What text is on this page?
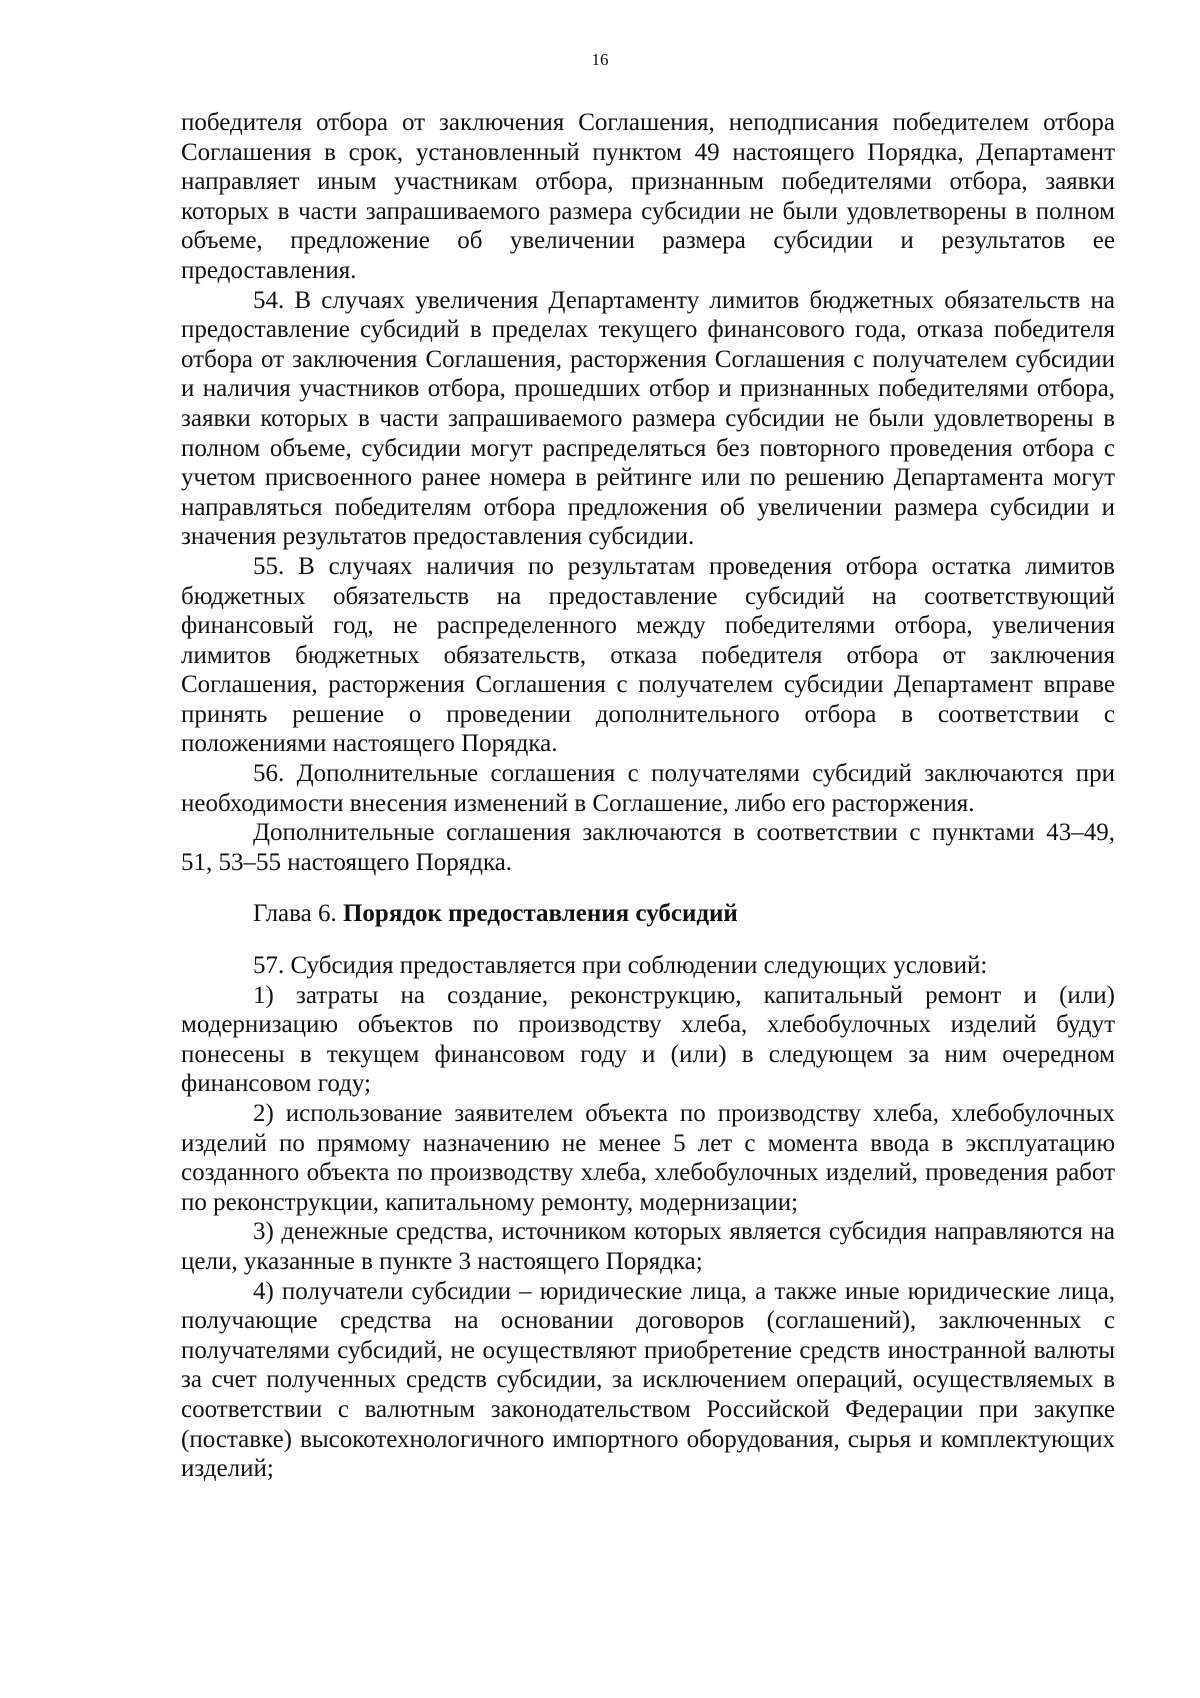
16

победителя отбора от заключения Соглашения, неподписания победителем отбора Соглашения в срок, установленный пунктом 49 настоящего Порядка, Департамент направляет иным участникам отбора, признанным победителями отбора, заявки которых в части запрашиваемого размера субсидии не были удовлетворены в полном объеме, предложение об увеличении размера субсидии и результатов ее предоставления.

54. В случаях увеличения Департаменту лимитов бюджетных обязательств на предоставление субсидий в пределах текущего финансового года, отказа победителя отбора от заключения Соглашения, расторжения Соглашения с получателем субсидии и наличия участников отбора, прошедших отбор и признанных победителями отбора, заявки которых в части запрашиваемого размера субсидии не были удовлетворены в полном объеме, субсидии могут распределяться без повторного проведения отбора с учетом присвоенного ранее номера в рейтинге или по решению Департамента могут направляться победителям отбора предложения об увеличении размера субсидии и значения результатов предоставления субсидии.

55. В случаях наличия по результатам проведения отбора остатка лимитов бюджетных обязательств на предоставление субсидий на соответствующий финансовый год, не распределенного между победителями отбора, увеличения лимитов бюджетных обязательств, отказа победителя отбора от заключения Соглашения, расторжения Соглашения с получателем субсидии Департамент вправе принять решение о проведении дополнительного отбора в соответствии с положениями настоящего Порядка.

56. Дополнительные соглашения с получателями субсидий заключаются при необходимости внесения изменений в Соглашение, либо его расторжения.

Дополнительные соглашения заключаются в соответствии с пунктами 43–49, 51, 53–55 настоящего Порядка.

Глава 6. Порядок предоставления субсидий

57. Субсидия предоставляется при соблюдении следующих условий:

1) затраты на создание, реконструкцию, капитальный ремонт и (или) модернизацию объектов по производству хлеба, хлебобулочных изделий будут понесены в текущем финансовом году и (или) в следующем за ним очередном финансовом году;

2) использование заявителем объекта по производству хлеба, хлебобулочных изделий по прямому назначению не менее 5 лет с момента ввода в эксплуатацию созданного объекта по производству хлеба, хлебобулочных изделий, проведения работ по реконструкции, капитальному ремонту, модернизации;

3) денежные средства, источником которых является субсидия направляются на цели, указанные в пункте 3 настоящего Порядка;

4) получатели субсидии – юридические лица, а также иные юридические лица, получающие средства на основании договоров (соглашений), заключенных с получателями субсидий, не осуществляют приобретение средств иностранной валюты за счет полученных средств субсидии, за исключением операций, осуществляемых в соответствии с валютным законодательством Российской Федерации при закупке (поставке) высокотехнологичного импортного оборудования, сырья и комплектующих изделий;
